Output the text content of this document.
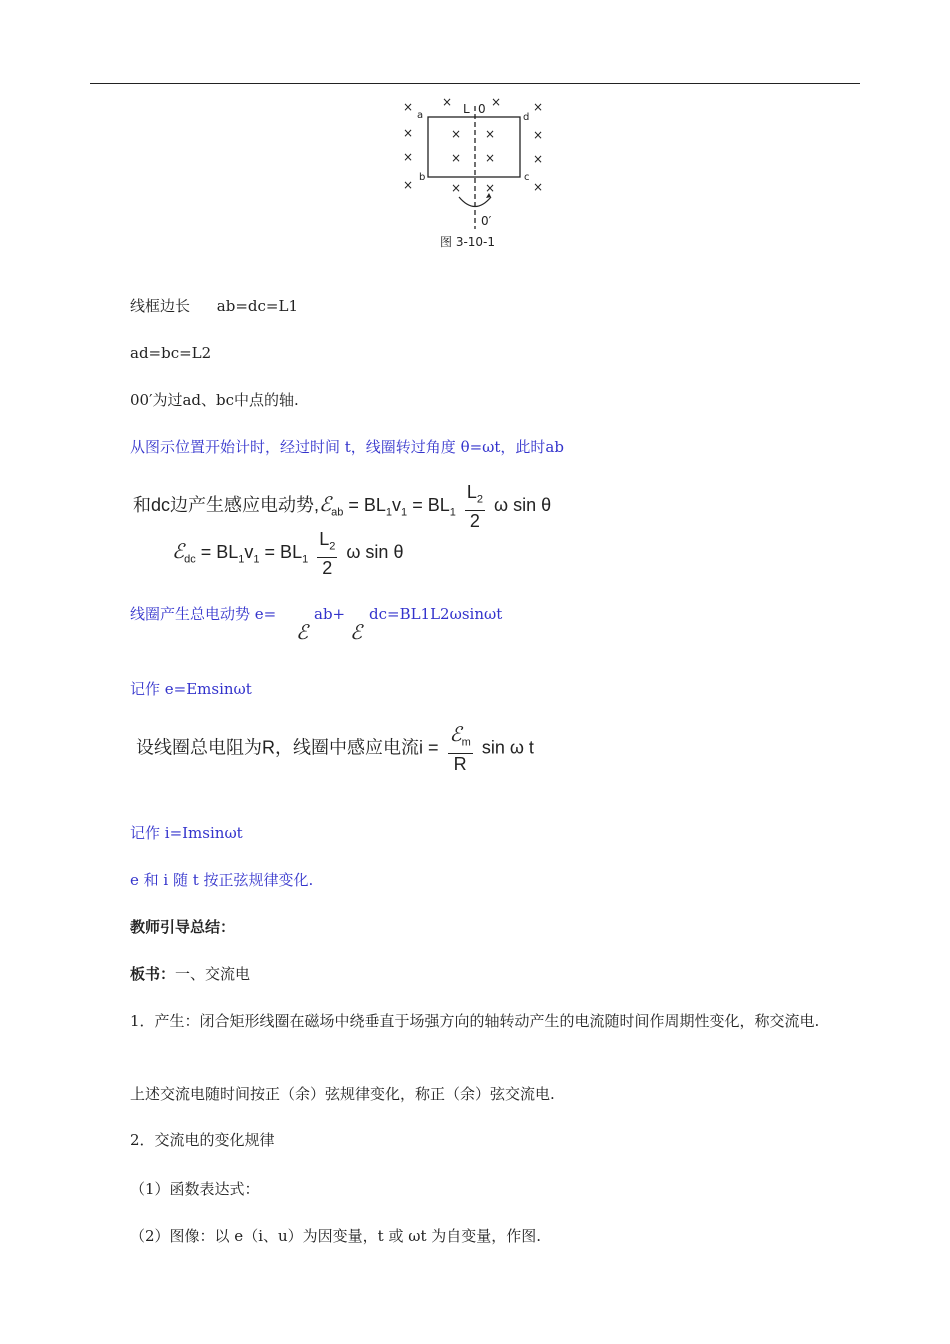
× ×	×	×
×	×
×	×
×	×
× ×
× ×
× ×
a
b	c
d
L 0
0′
图 3-10-1
线框边长 ab=dc=L1
ad=bc=L2
00′为过ad、bc中点的轴.
从图示位置开始计时，经过时间 t，线圈转过角度 θ=ωt，此时ab
和dc边产生感应电动势,ℰ$_{ab}$ = $BL_1v_1 = BL_1 \frac{L_2}{2}$ ω sin θ
ℰ$_{dc}$ = $BL_1v_1 = BL_1 \frac{L_2}{2}$ ω sin θ
线圈产生总电动势 e=
ℰ
ab+
ℰ
dc=BL1L2ωsinωt
记作 e=Emsinωt
设线圈总电阻为R，线圈中感应电流$i = \frac{ℰ_m}{R}$ sin ω t
记作 i=Imsinωt
e 和 i 随 t 按正弦规律变化.
教师引导总结：
板书：一、交流电
1．产生：闭合矩形线圈在磁场中绕垂直于场强方向的轴转动产生的电流随时间作周期性变化，称交流电.
上述交流电随时间按正（余）弦规律变化，称正（余）弦交流电.
2．交流电的变化规律
（1）函数表达式：
（2）图像：以 e（i、u）为因变量，t 或 ωt 为自变量，作图.
